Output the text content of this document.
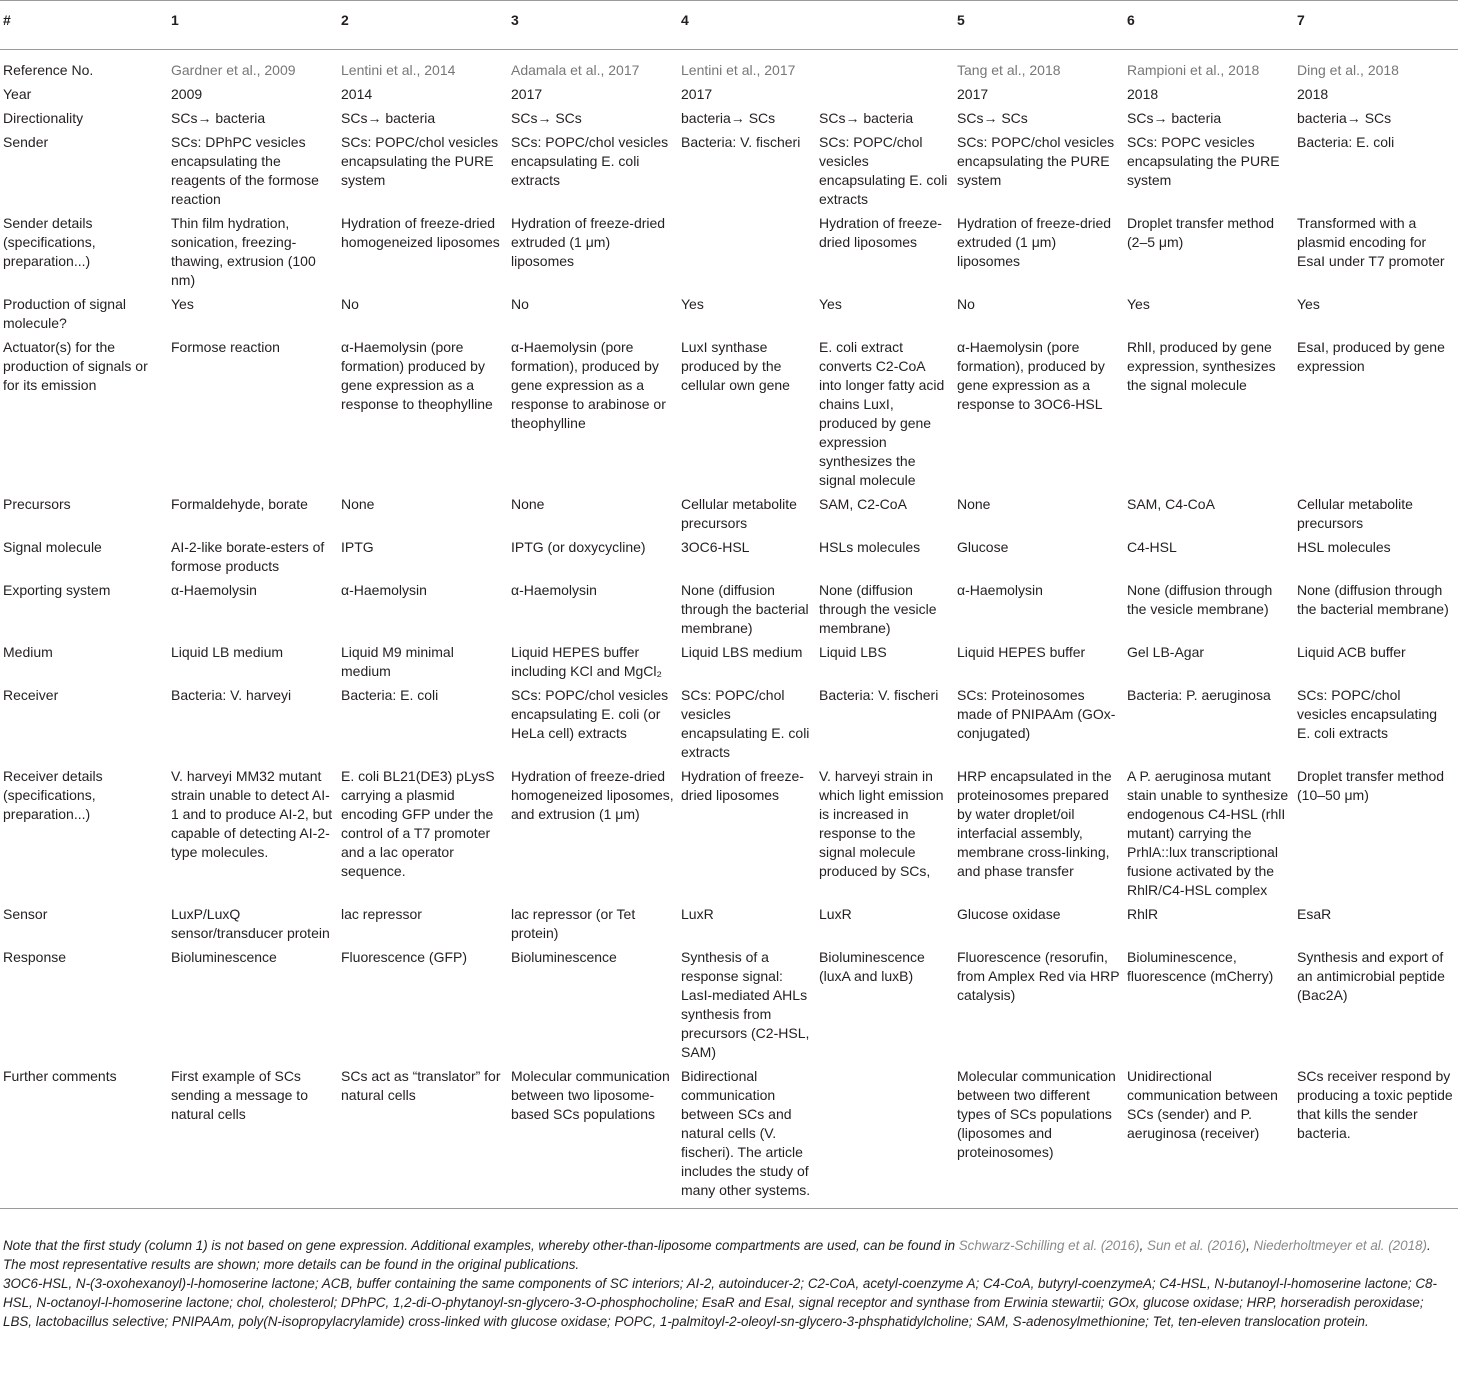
#	1	2	3	4		5	6	7
Reference No.	Gardner et al., 2009	Lentini et al., 2014	Adamala et al., 2017	Lentini et al., 2017		Tang et al., 2018	Rampioni et al., 2018	Ding et al., 2018
Year	2009	2014	2017	2017		2017	2018	2018
Directionality	SCs→ bacteria	SCs→ bacteria	SCs→ SCs	bacteria→ SCs	SCs→ bacteria	SCs→ SCs	SCs→ bacteria	bacteria→ SCs
Sender	SCs: DPhPC vesicles encapsulating the reagents of the formose reaction	SCs: POPC/chol vesicles encapsulating the PURE system	SCs: POPC/chol vesicles encapsulating E. coli extracts	Bacteria: V. fischeri	SCs: POPC/chol vesicles encapsulating E. coli extracts	SCs: POPC/chol vesicles encapsulating the PURE system	SCs: POPC vesicles encapsulating the PURE system	Bacteria: E. coli
Sender details (specifications, preparation...)	Thin film hydration, sonication, freezing-thawing, extrusion (100 nm)	Hydration of freeze-dried homogeneized liposomes	Hydration of freeze-dried extruded (1 μm) liposomes		Hydration of freeze-dried liposomes	Hydration of freeze-dried extruded (1 μm) liposomes	Droplet transfer method (2–5 μm)	Transformed with a plasmid encoding for EsaI under T7 promoter
Production of signal molecule?	Yes	No	No	Yes	Yes	No	Yes	Yes
Actuator(s) for the production of signals or for its emission	Formose reaction	α-Haemolysin (pore formation) produced by gene expression as a response to theophylline	α-Haemolysin (pore formation), produced by gene expression as a response to arabinose or theophylline	LuxI synthase produced by the cellular own gene	E. coli extract converts C2-CoA into longer fatty acid chains LuxI, produced by gene expression synthesizes the signal molecule	α-Haemolysin (pore formation), produced by gene expression as a response to 3OC6-HSL	RhlI, produced by gene expression, synthesizes the signal molecule	EsaI, produced by gene expression
Precursors	Formaldehyde, borate	None	None	Cellular metabolite precursors	SAM, C2-CoA	None	SAM, C4-CoA	Cellular metabolite precursors
Signal molecule	AI-2-like borate-esters of formose products	IPTG	IPTG (or doxycycline)	3OC6-HSL	HSLs molecules	Glucose	C4-HSL	HSL molecules
Exporting system	α-Haemolysin	α-Haemolysin	α-Haemolysin	None (diffusion through the bacterial membrane)	None (diffusion through the vesicle membrane)	α-Haemolysin	None (diffusion through the vesicle membrane)	None (diffusion through the bacterial membrane)
Medium	Liquid LB medium	Liquid M9 minimal medium	Liquid HEPES buffer including KCl and MgCl₂	Liquid LBS medium	Liquid LBS	Liquid HEPES buffer	Gel LB-Agar	Liquid ACB buffer
Receiver	Bacteria: V. harveyi	Bacteria: E. coli	SCs: POPC/chol vesicles encapsulating E. coli (or HeLa cell) extracts	SCs: POPC/chol vesicles encapsulating E. coli extracts	Bacteria: V. fischeri	SCs: Proteinosomes made of PNIPAAm (GOx-conjugated)	Bacteria: P. aeruginosa	SCs: POPC/chol vesicles encapsulating E. coli extracts
Receiver details (specifications, preparation...)	V. harveyi MM32 mutant strain unable to detect AI-1 and to produce AI-2, but capable of detecting AI-2-type molecules.	E. coli BL21(DE3) pLysS carrying a plasmid encoding GFP under the control of a T7 promoter and a lac operator sequence.	Hydration of freeze-dried homogeneized liposomes, and extrusion (1 μm)	Hydration of freeze-dried liposomes	V. harveyi strain in which light emission is increased in response to the signal molecule produced by SCs,	HRP encapsulated in the proteinosomes prepared by water droplet/oil interfacial assembly, membrane cross-linking, and phase transfer	A P. aeruginosa mutant stain unable to synthesize endogenous C4-HSL (rhlI mutant) carrying the PrhlA::lux transcriptional fusione activated by the RhlR/C4-HSL complex	Droplet transfer method (10–50 μm)
Sensor	LuxP/LuxQ sensor/transducer protein	lac repressor	lac repressor (or Tet protein)	LuxR	LuxR	Glucose oxidase	RhlR	EsaR
Response	Bioluminescence	Fluorescence (GFP)	Bioluminescence	Synthesis of a response signal: LasI-mediated AHLs synthesis from precursors (C2-HSL, SAM)	Bioluminescence (luxA and luxB)	Fluorescence (resorufin, from Amplex Red via HRP catalysis)	Bioluminescence, fluorescence (mCherry)	Synthesis and export of an antimicrobial peptide (Bac2A)
Further comments	First example of SCs sending a message to natural cells	SCs act as “translator” for natural cells	Molecular communication between two liposome-based SCs populations	Bidirectional communication between SCs and natural cells (V. fischeri). The article includes the study of many other systems.		Molecular communication between two different types of SCs populations (liposomes and proteinosomes)	Unidirectional communication between SCs (sender) and P. aeruginosa (receiver)	SCs receiver respond by producing a toxic peptide that kills the sender bacteria.

Note that the first study (column 1) is not based on gene expression. Additional examples, whereby other-than-liposome compartments are used, can be found in Schwarz-Schilling et al. (2016), Sun et al. (2016), Niederholtmeyer et al. (2018). The most representative results are shown; more details can be found in the original publications.

3OC6-HSL, N-(3-oxohexanoyl)-l-homoserine lactone; ACB, buffer containing the same components of SC interiors; AI-2, autoinducer-2; C2-CoA, acetyl-coenzyme A; C4-CoA, butyryl-coenzymeA; C4-HSL, N-butanoyl-l-homoserine lactone; C8-HSL, N-octanoyl-l-homoserine lactone; chol, cholesterol; DPhPC, 1,2-di-O-phytanoyl-sn-glycero-3-O-phosphocholine; EsaR and EsaI, signal receptor and synthase from Erwinia stewartii; GOx, glucose oxidase; HRP, horseradish peroxidase; LBS, lactobacillus selective; PNIPAAm, poly(N-isopropylacrylamide) cross-linked with glucose oxidase; POPC, 1-palmitoyl-2-oleoyl-sn-glycero-3-phsphatidylcholine; SAM, S-adenosylmethionine; Tet, ten-eleven translocation protein.
